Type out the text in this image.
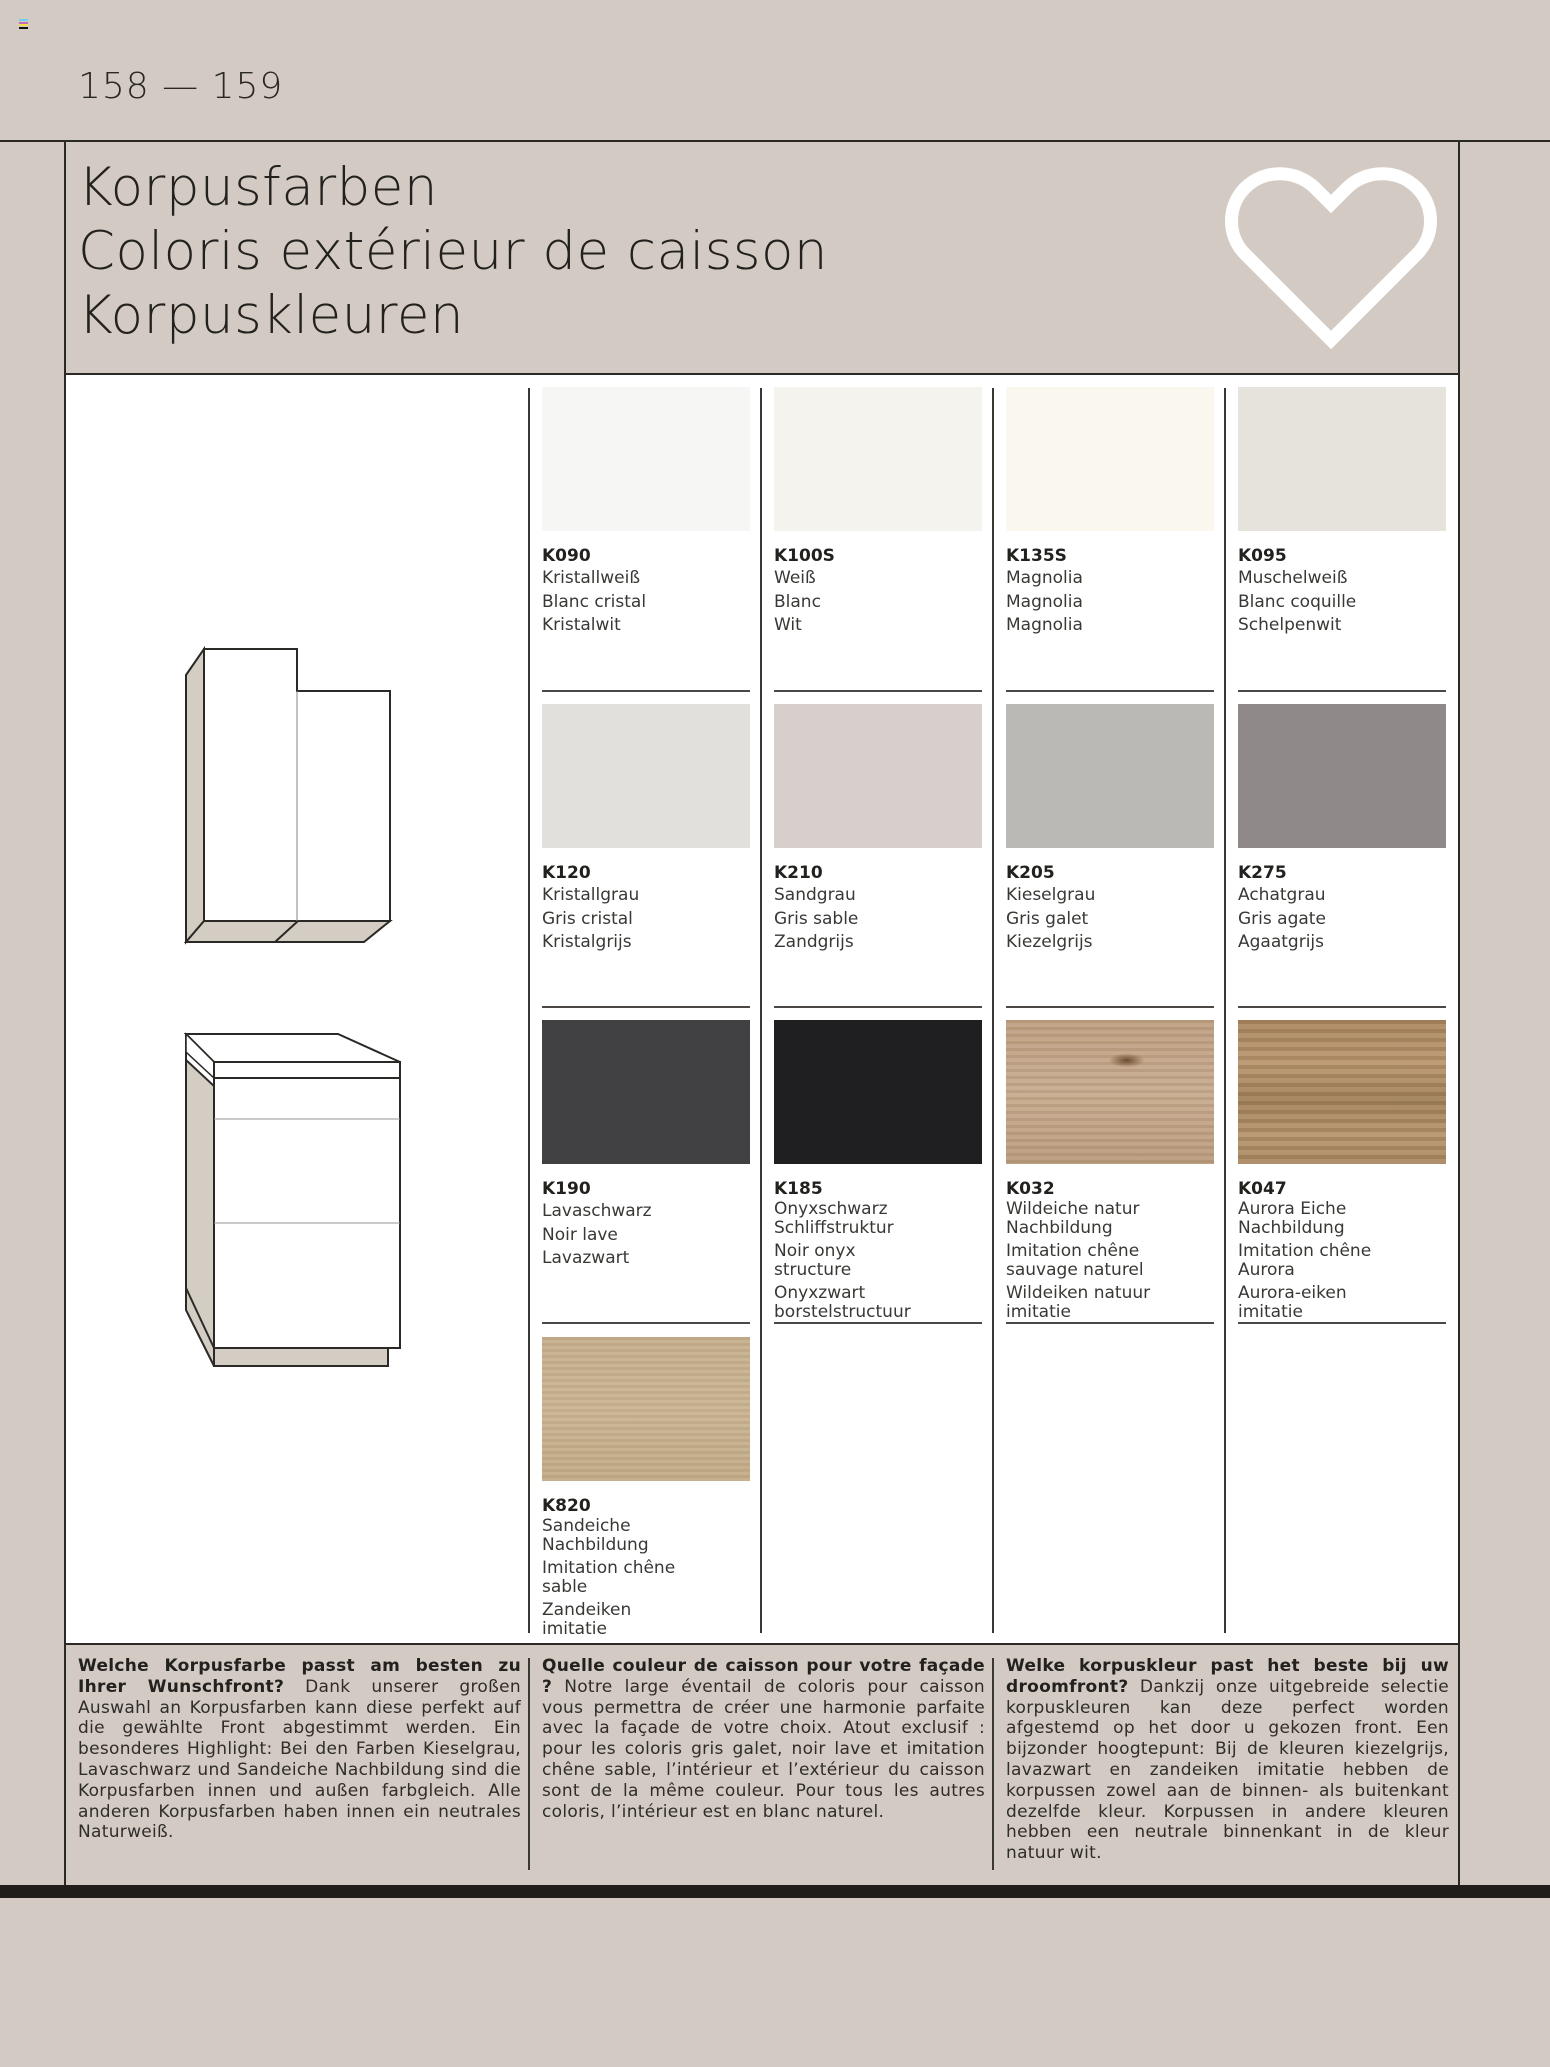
158 — 159
Korpusfarben
Coloris extérieur de caisson
Korpuskleuren
K090
Kristallweiß
Blanc cristal
Kristalwit
K100S
Weiß
Blanc
Wit
K135S
Magnolia
Magnolia
Magnolia
K095
Muschelweiß
Blanc coquille
Schelpenwit
K120
Kristallgrau
Gris cristal
Kristalgrijs
K210
Sandgrau
Gris sable
Zandgrijs
K205
Kieselgrau
Gris galet
Kiezelgrijs
K275
Achatgrau
Gris agate
Agaatgrijs
K190
Lavaschwarz
Noir lave
Lavazwart
K185
Onyxschwarz Schliffstruktur
Noir onyx structure
Onyxzwart borstelstructuur
K032
Wildeiche natur Nachbildung
Imitation chêne sauvage naturel
Wildeiken natuur imitatie
K047
Aurora Eiche Nachbildung
Imitation chêne Aurora
Aurora-eiken imitatie
K820
Sandeiche Nachbildung
Imitation chêne sable
Zandeiken imitatie
Welche Korpusfarbe passt am besten zu Ihrer Wunschfront? Dank unserer großen Auswahl an Korpusfarben kann diese perfekt auf die gewählte Front abgestimmt werden. Ein besonderes Highlight: Bei den Farben Kieselgrau, Lavaschwarz und Sandeiche Nachbildung sind die Korpusfarben innen und außen farbgleich. Alle anderen Korpusfarben haben innen ein neutrales Naturweiß.
Quelle couleur de caisson pour votre façade ? Notre large éventail de coloris pour caisson vous permettra de créer une harmonie parfaite avec la façade de votre choix. Atout exclusif : pour les coloris gris galet, noir lave et imitation chêne sable, l’intérieur et l’extérieur du caisson sont de la même couleur. Pour tous les autres coloris, l’intérieur est en blanc naturel.
Welke korpuskleur past het beste bij uw droomfront? Dankzij onze uitgebreide selectie korpuskleuren kan deze perfect worden afgestemd op het door u gekozen front. Een bijzonder hoogtepunt: Bij de kleuren kiezelgrijs, lavazwart en zandeiken imitatie hebben de korpussen zowel aan de binnen- als buitenkant dezelfde kleur. Korpussen in andere kleuren hebben een neutrale binnenkant in de kleur natuur wit.
